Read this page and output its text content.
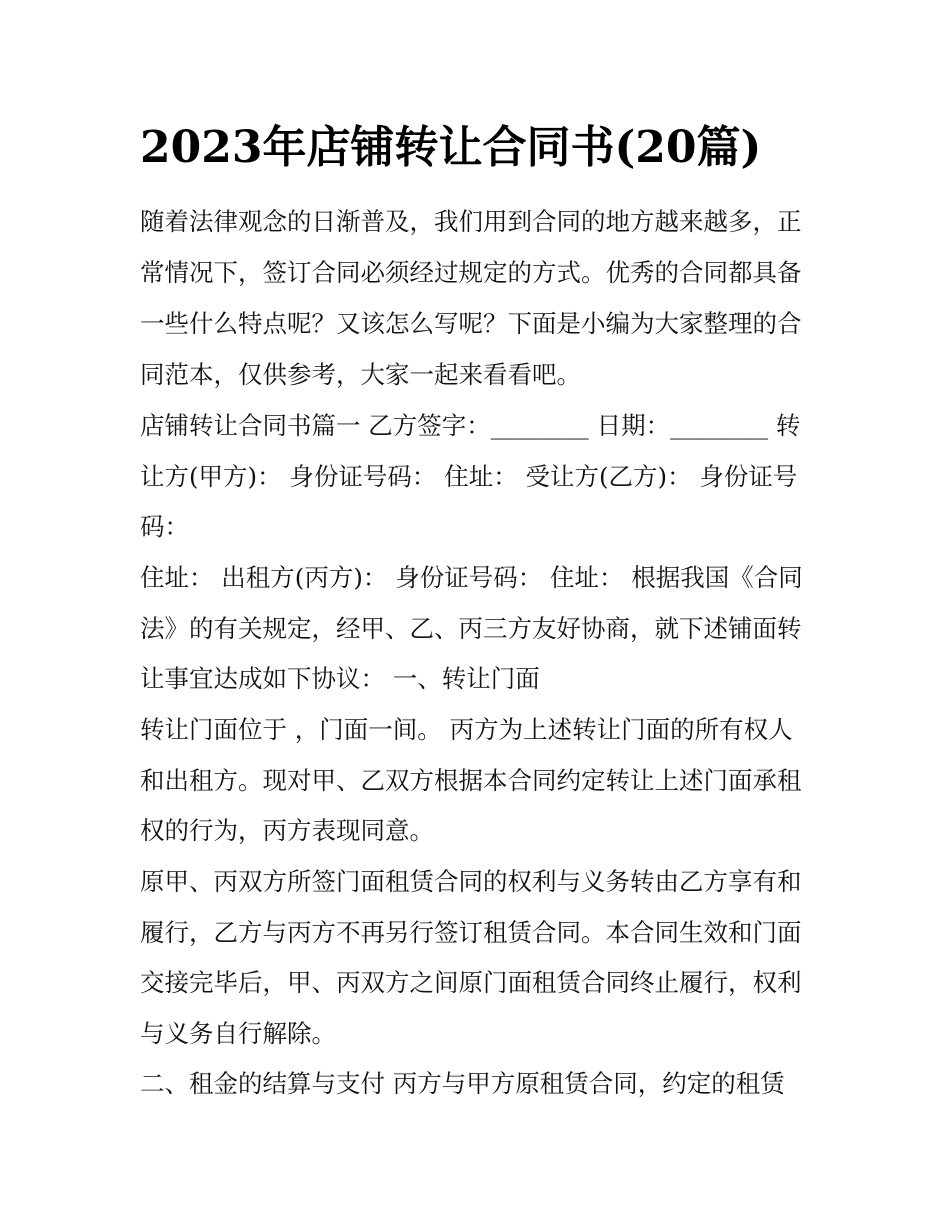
2023年店铺转让合同书(20篇)

随着法律观念的日渐普及，我们用到合同的地方越来越多，正

常情况下，签订合同必须经过规定的方式。优秀的合同都具备

一些什么特点呢？又该怎么写呢？下面是小编为大家整理的合

同范本，仅供参考，大家一起来看看吧。

店铺转让合同书篇一 乙方签字：________ 日期：________ 转

让方(甲方)： 身份证号码： 住址： 受让方(乙方)： 身份证号

码：

住址： 出租方(丙方)： 身份证号码： 住址： 根据我国《合同

法》的有关规定，经甲、乙、丙三方友好协商，就下述铺面转

让事宜达成如下协议： 一、转让门面

转让门面位于 ，门面一间。 丙方为上述转让门面的所有权人

和出租方。现对甲、乙双方根据本合同约定转让上述门面承租

权的行为，丙方表现同意。

原甲、丙双方所签门面租赁合同的权利与义务转由乙方享有和

履行，乙方与丙方不再另行签订租赁合同。本合同生效和门面

交接完毕后，甲、丙双方之间原门面租赁合同终止履行，权利

与义务自行解除。

二、租金的结算与支付 丙方与甲方原租赁合同，约定的租赁
